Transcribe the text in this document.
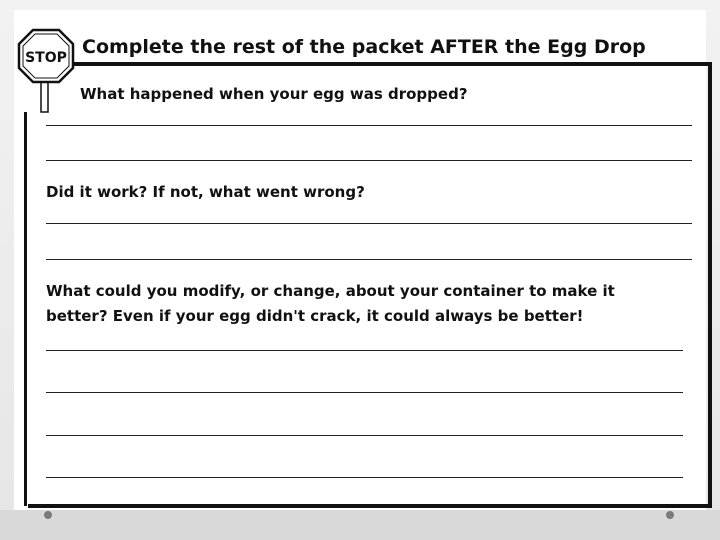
STOP Complete the rest of the packet AFTER the Egg Drop
What happened when your egg was dropped?
Did it work? If not, what went wrong?
What could you modify, or change, about your container to make it
better? Even if your egg didn't crack, it could always be better!
